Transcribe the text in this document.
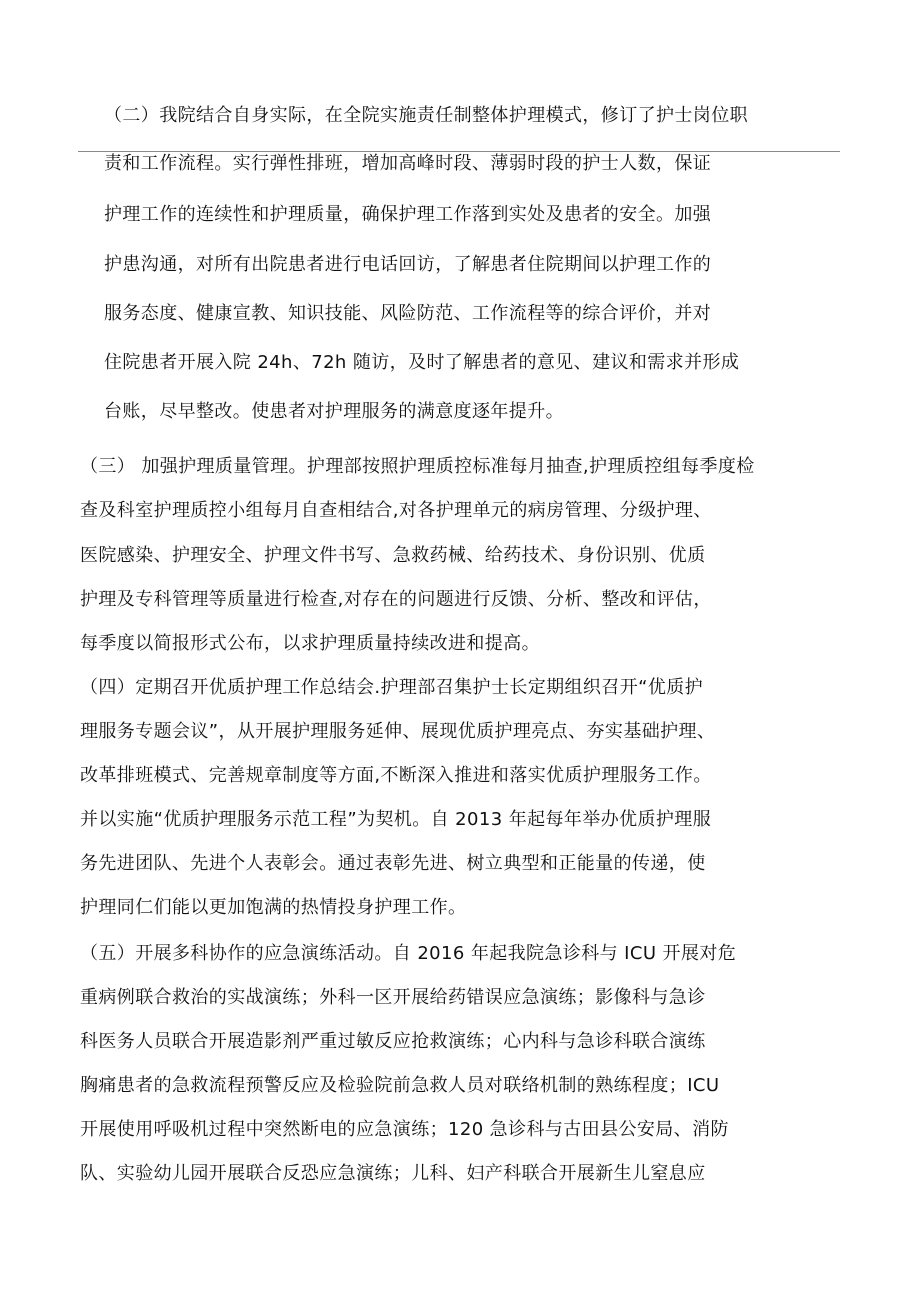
（二）我院结合自身实际，在全院实施责任制整体护理模式，修订了护士岗位职
责和工作流程。实行弹性排班，增加高峰时段、薄弱时段的护士人数，保证
护理工作的连续性和护理质量，确保护理工作落到实处及患者的安全。加强
护患沟通，对所有出院患者进行电话回访，了解患者住院期间以护理工作的
服务态度、健康宣教、知识技能、风险防范、工作流程等的综合评价，并对
住院患者开展入院 24h、72h 随访，及时了解患者的意见、建议和需求并形成
台账，尽早整改。使患者对护理服务的满意度逐年提升。
（三） 加强护理质量管理。护理部按照护理质控标准每月抽查,护理质控组每季度检
查及科室护理质控小组每月自查相结合,对各护理单元的病房管理、分级护理、
医院感染、护理安全、护理文件书写、急救药械、给药技术、身份识别、优质
护理及专科管理等质量进行检查,对存在的问题进行反馈、分析、整改和评估，
每季度以简报形式公布，以求护理质量持续改进和提高。
（四）定期召开优质护理工作总结会.护理部召集护士长定期组织召开“优质护
理服务专题会议”，从开展护理服务延伸、展现优质护理亮点、夯实基础护理、
改革排班模式、完善规章制度等方面,不断深入推进和落实优质护理服务工作。
并以实施“优质护理服务示范工程”为契机。自 2013 年起每年举办优质护理服
务先进团队、先进个人表彰会。通过表彰先进、树立典型和正能量的传递，使
护理同仁们能以更加饱满的热情投身护理工作。
（五）开展多科协作的应急演练活动。自 2016 年起我院急诊科与 ICU 开展对危
重病例联合救治的实战演练；外科一区开展给药错误应急演练；影像科与急诊
科医务人员联合开展造影剂严重过敏反应抢救演练；心内科与急诊科联合演练
胸痛患者的急救流程预警反应及检验院前急救人员对联络机制的熟练程度；ICU
开展使用呼吸机过程中突然断电的应急演练；120 急诊科与古田县公安局、消防
队、实验幼儿园开展联合反恐应急演练；儿科、妇产科联合开展新生儿窒息应
